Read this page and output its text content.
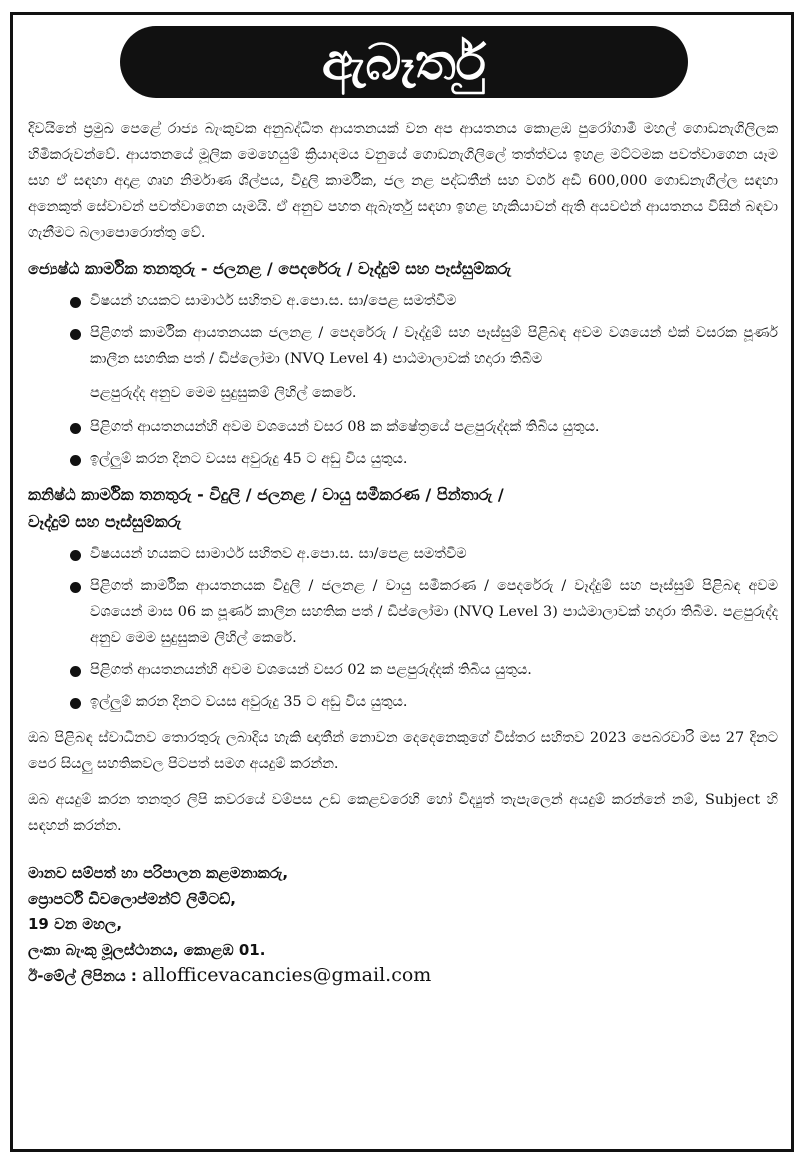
ඇබෑර්තු

දිවයිනේ ප්‍රමුඛ පෙළේ රාජ්‍ය බැංකුවක අනුබද්ධිත ආයතනයක් වන අප ආයතනය කොළඹ පුරෝගාමී මහල් ගොඩනැගිලිලක හිමිකරුවන්වේ. ආයතනයේ මූලික මෙහෙයුම් ක්‍රියාදමය වනුයේ ගොඩනැගිලිලේ තත්ත්වය ඉහළ මට්ටමක පවත්වාගෙන යෑම සහ ඒ සඳහා අදාළ ගෘහ නිර්මාණ ශිල්පය, විදුලි කාර්මික, ජල නළ පද්ධතීන් සහ වර්ග අඩි 600,000 ගොඩනැගිල්ල සඳහා අනෙකුත් සේවාවන් පවත්වාගෙන යෑමයි. ඒ අනුව පහත ඇබෑර්තු සඳහා ඉහළ හැකියාවන් ඇති අයවළුන් ආයතනය විසින් බඳවා ගැනීමට බලාපොරොත්තු වේ.

ජ්‍යෙෂ්ඨ කාර්මික තනතුරු - ජලනළ / පෙදරේරු / වෑද්දුම් සහ පෑස්සුම්කරු
විෂයන් හයකට සාමාර්ථ සහිතව අ.පො.ස. සා/පෙළ සමත්වීම
පිළිගත් කාර්මික ආයතනයක ජලනළ / පෙදරේරු / වෑද්දුම් සහ පෑස්සුම් පිළිබඳ අවම වශයෙන් එක් වසරක පූර්ණ කාලීන සහතික පත් / ඩිප්ලෝමා (NVQ Level 4) පාඨමාලාවක් හදාරා තිබීම
පළපුරුද්ද අනුව මෙම සුදුසුකම් ලිහිල් කෙරේ.
පිළිගත් ආයතනයන්හි අවම වශයෙන් වසර 08 ක ක්ෂේත්‍රයේ පළපුරුද්දක් තිබිය යුතුය.
ඉල්ලුම් කරන දිනට වයස අවුරුදු 45 ට අඩු විය යුතුය.
කනිෂ්ඨ කාර්මික තනතුරු - විදුලි / ජලනළ / වායු සමීකරණ / පින්තාරු /
වෑද්දුම් සහ පෑස්සුම්කරු
විෂයයන් හයකට සාමාර්ථ සහිතව අ.පො.ස. සා/පෙළ සමත්වීම
පිළිගත් කාර්මික ආයතනයක විදුලි / ජලනළ / වායු සමීකරණ / පෙදරේරු / වෑද්දුම් සහ පෑස්සුම් පිළිබඳ අවම වශයෙන් මාස 06 ක පූර්ණ කාලීන සහතික පත් / ඩිප්ලෝමා (NVQ Level 3) පාඨමාලාවක් හදාරා තිබීම. පළපුරුද්ද අනුව මෙම සුදුසුකම ලිහිල් කෙරේ.
පිළිගත් ආයතනයන්හි අවම වශයෙන් වසර 02 ක පළපුරුද්දක් තිබිය යුතුය.
ඉල්ලුම් කරන දිනට වයස අවුරුදු 35 ට අඩු විය යුතුය.

ඔබ පිළිබඳ ස්වාධීනව තොරතුරු ලබාදිය හැකි ඥාතීන් නොවන දෙදෙනෙකුගේ විස්තර සහිතව 2023 පෙබරවාරි මස 27 දිනට පෙර සියලු සහතිකවල පිටපත් සමග අයදුම් කරන්න.

ඔබ අයදුම් කරන තනතුර ලිපි කවරයේ වම්පස උඩ කෙළවරෙහි හෝ විද්‍යුත් තැපැලෙන් අයදුම් කරන්නේ නම්, Subject හි සඳහන් කරන්න.

මානව සම්පත් හා පරිපාලන කළමනාකරු,
ප්‍රොපර්ටි ඩිවලොප්මන්ට් ලිමිටඩ්,
19 වන මහල,
ලංකා බැංකු මූලස්ථානය, කොළඹ 01.
ඊ-මේල් ලිපිනය : allofficevacancies@gmail.com
